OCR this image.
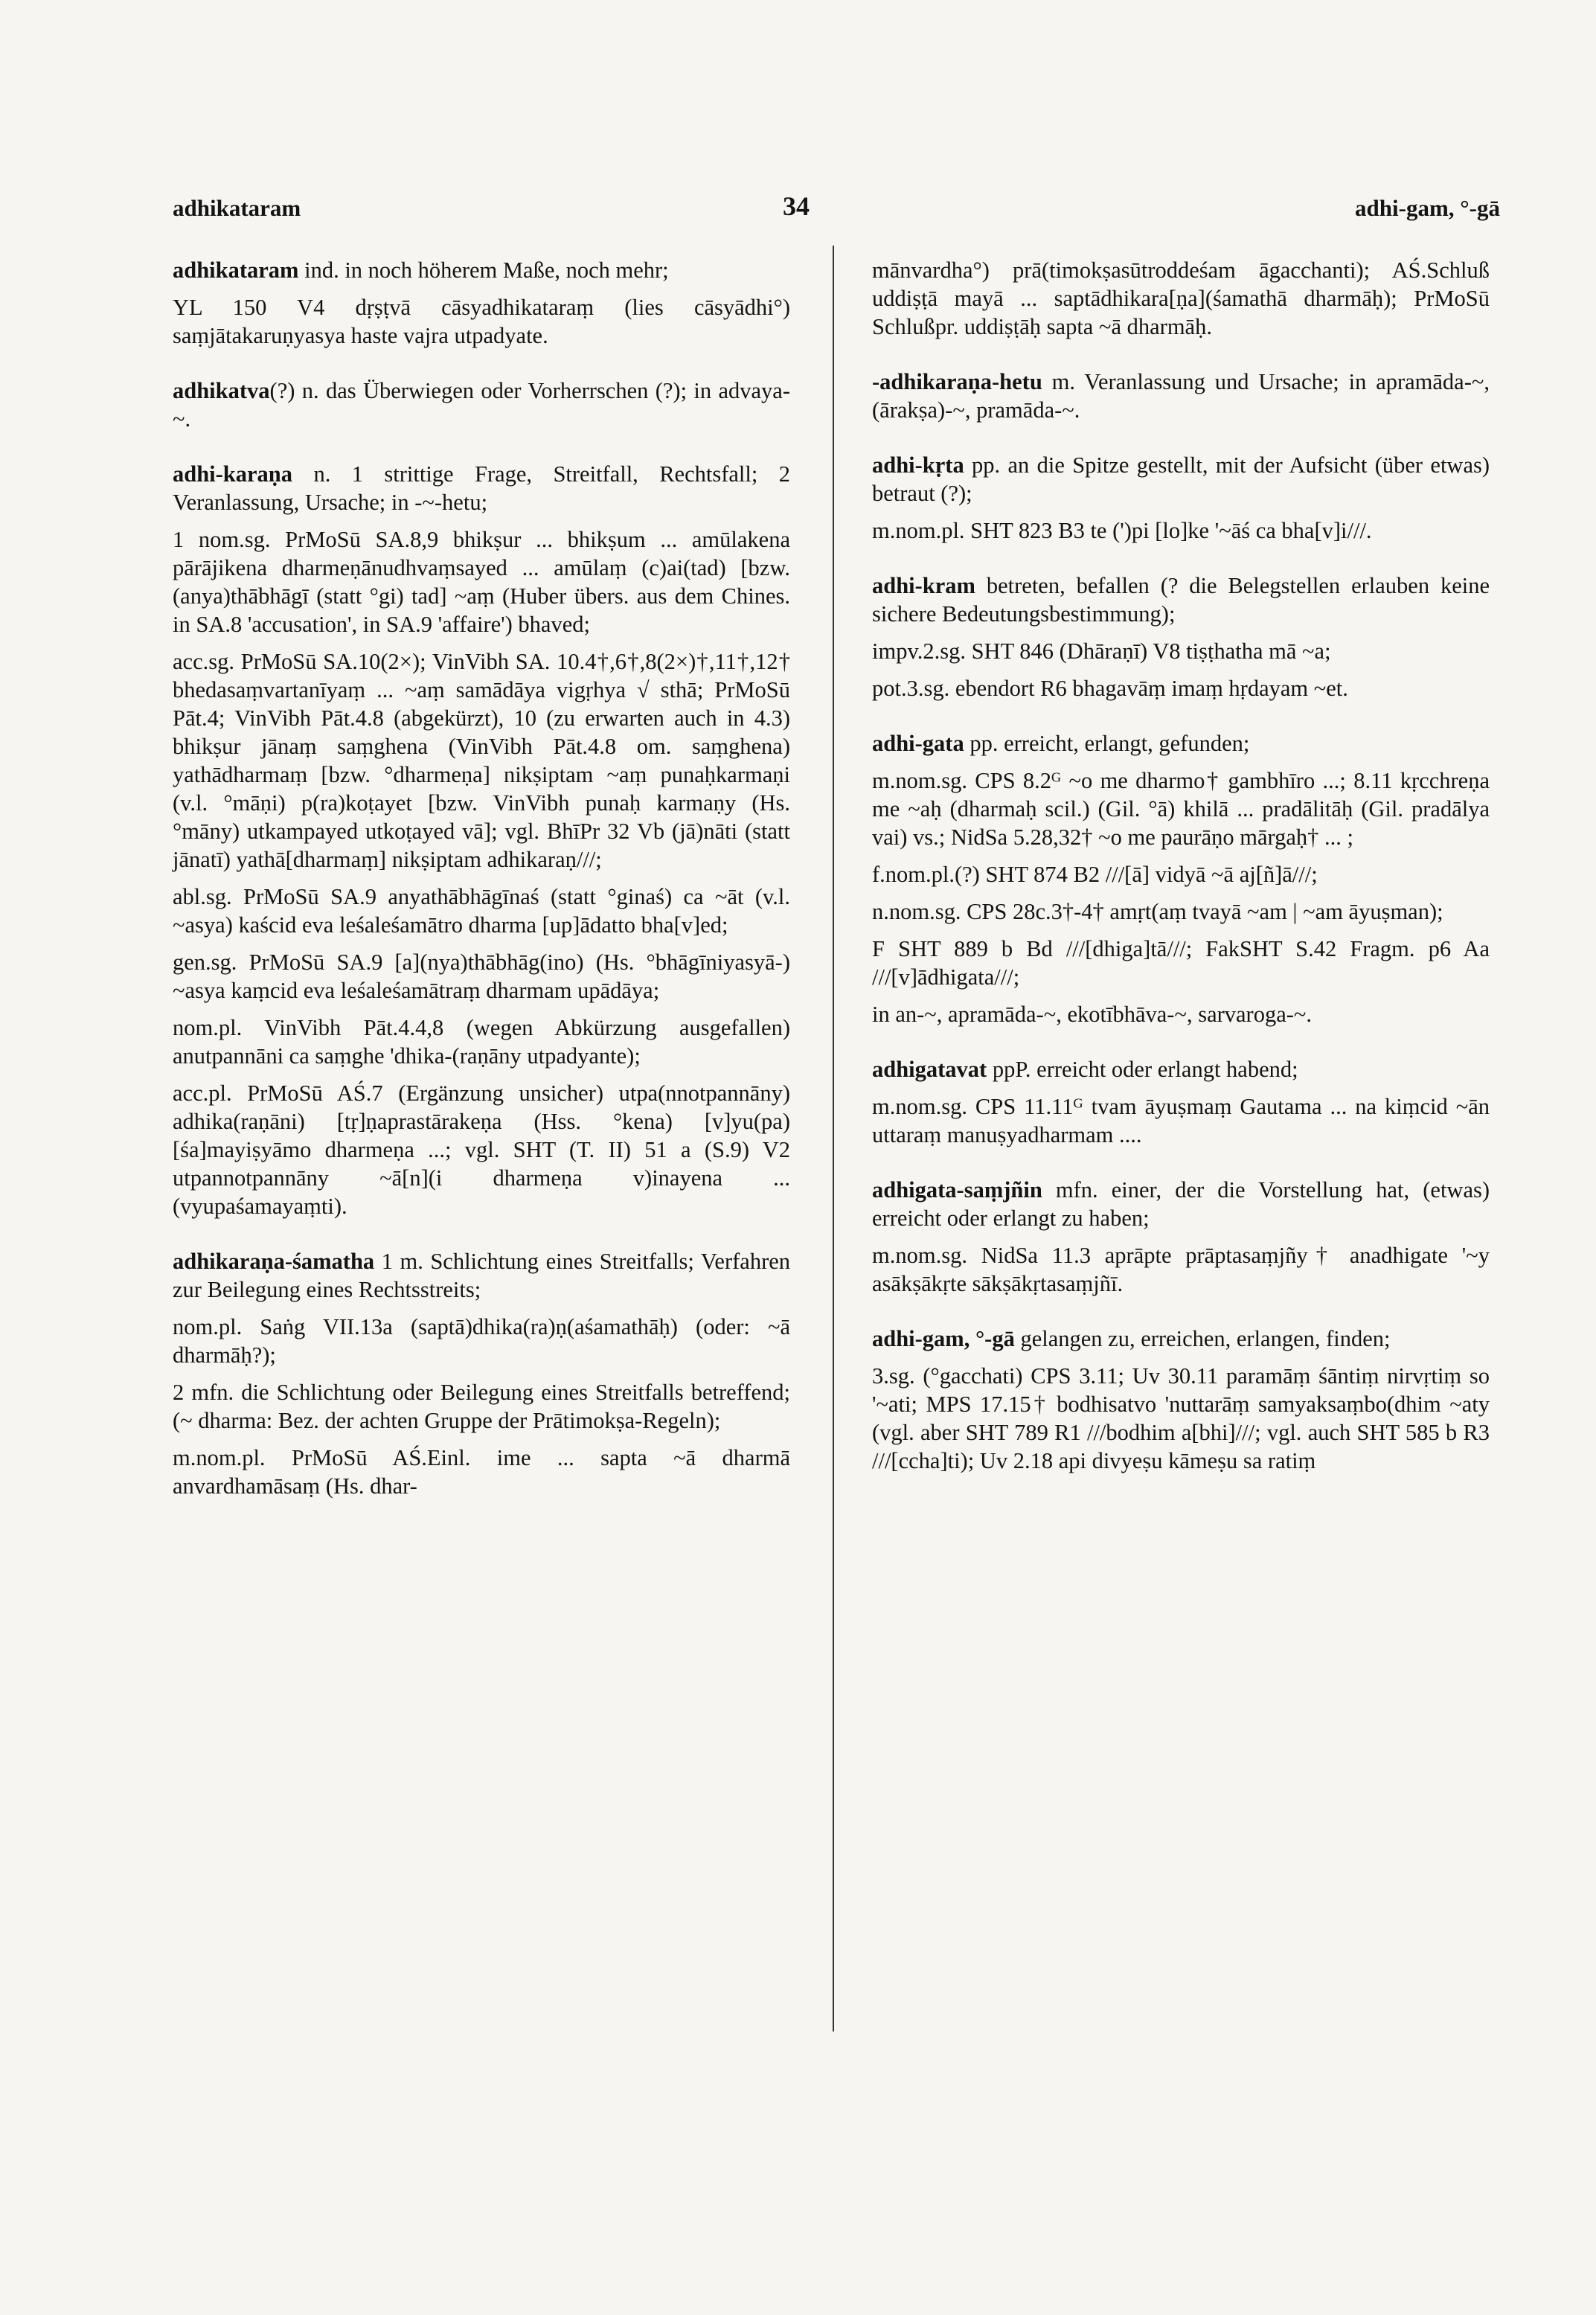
adhikataram	34	adhi-gam, °-gā
adhikataram ind. in noch höherem Maße, noch mehr;
YL 150 V4 dṛṣṭvā cāsyadhikataraṃ (lies cāsyādhi°) saṃjātakaruṇyasya haste vajra utpadyate.
adhikatva(?) n. das Überwiegen oder Vorherrschen (?); in advaya-~.
adhi-karaṇa n. 1 strittige Frage, Streitfall, Rechtsfall; 2 Veranlassung, Ursache; in -~-hetu;
1 nom.sg. PrMoSū SA.8,9 bhikṣur ... bhikṣum ... amūlakena pārājikena dharmeṇānudhvaṃsayed ... amūlaṃ (c)ai(tad) [bzw. (anya)thābhāgī (statt °gi) tad] ~aṃ (Huber übers. aus dem Chines. in SA.8 'accusation', in SA.9 'affaire') bhaved;
acc.sg. PrMoSū SA.10(2×); VinVibh SA. 10.4†,6†,8(2×)†,11†,12† bhedasaṃvartanīyaṃ ... ~aṃ samādāya vigṛhya √ sthā; PrMoSū Pāt.4; VinVibh Pāt.4.8 (abgekürzt), 10 (zu erwarten auch in 4.3) bhikṣur jānaṃ saṃghena (VinVibh Pāt.4.8 om. saṃghena) yathādharmaṃ [bzw. °dharmeṇa] nikṣiptam ~aṃ punaḥkarmaṇi (v.l. °māṇi) p(ra)koṭayet [bzw. VinVibh punaḥ karmaṇy (Hs. °māny) utkampayed utkoṭayed vā]; vgl. BhīPr 32 Vb (jā)nāti (statt jānatī) yathā[dharmaṃ] nikṣiptam adhikaraṇ///;
abl.sg. PrMoSū SA.9 anyathābhāgīnaś (statt °ginaś) ca ~āt (v.l. ~asya) kaścid eva leśaleśamātro dharma [up]ādatto bha[v]ed;
gen.sg. PrMoSū SA.9 [a](nya)thābhāg(ino) (Hs. °bhāgīniyasyā-) ~asya kaṃcid eva leśaleśamātraṃ dharmam upādāya;
nom.pl. VinVibh Pāt.4.4,8 (wegen Abkürzung ausgefallen) anutpannāni ca saṃghe 'dhika-(raṇāny utpadyante);
acc.pl. PrMoSū AŚ.7 (Ergänzung unsicher) utpa(nnotpannāny) adhika(raṇāni) [tṛ]ṇaprastārakeṇa (Hss. °kena) [v]yu(pa)[śa]mayiṣyāmo dharmeṇa ...; vgl. SHT (T. II) 51 a (S.9) V2 utpannotpannāny ~ā[n](i dharmeṇa v)inayena ... (vyupaśamayaṃti).
adhikaraṇa-śamatha 1 m. Schlichtung eines Streitfalls; Verfahren zur Beilegung eines Rechtsstreits;
nom.pl. Saṅg VII.13a (saptā)dhika(ra)ṇ(aśamathāḥ) (oder: ~ā dharmāḥ?);
2 mfn. die Schlichtung oder Beilegung eines Streitfalls betreffend; (~ dharma: Bez. der achten Gruppe der Prātimokṣa-Regeln);
m.nom.pl. PrMoSū AŚ.Einl. ime ... sapta ~ā dharmā anvardhamāsaṃ (Hs. dhar-
mānvardha°) prā(timokṣasūtroddeśam āgacchanti); AŚ.Schluß uddiṣṭā mayā ... saptādhikara[ṇa](śamathā dharmāḥ); PrMoSū Schlußpr. uddiṣṭāḥ sapta ~ā dharmāḥ.
-adhikaraṇa-hetu m. Veranlassung und Ursache; in apramāda-~, (ārakṣa)-~, pramāda-~.
adhi-kṛta pp. an die Spitze gestellt, mit der Aufsicht (über etwas) betraut (?);
m.nom.pl. SHT 823 B3 te (')pi [lo]ke '~āś ca bha[v]i///.
adhi-kram betreten, befallen (? die Belegstellen erlauben keine sichere Bedeutungsbestimmung);
impv.2.sg. SHT 846 (Dhāraṇī) V8 tiṣṭhatha mā ~a;
pot.3.sg. ebendort R6 bhagavāṃ imaṃ hṛdayam ~et.
adhi-gata pp. erreicht, erlangt, gefunden;
m.nom.sg. CPS 8.2ᴳ ~o me dharmo† gambhīro ...; 8.11 kṛcchreṇa me ~aḥ (dharmaḥ scil.) (Gil. °ā) khilā ... pradālitāḥ (Gil. pradālya vai) vs.; NidSa 5.28,32† ~o me paurāṇo mārgaḥ† ... ;
f.nom.pl.(?) SHT 874 B2 ///[ā] vidyā ~ā aj[ñ]ā///;
n.nom.sg. CPS 28c.3†-4† amṛt(aṃ tvayā ~am | ~am āyuṣman);
F SHT 889 b Bd ///[dhiga]tā///; FakSHT S.42 Fragm. p6 Aa ///[v]ādhigata///;
in an-~, apramāda-~, ekotībhāva-~, sarvaroga-~.
adhigatavat ppP. erreicht oder erlangt habend;
m.nom.sg. CPS 11.11ᴳ tvam āyuṣmaṃ Gautama ... na kiṃcid ~ān uttaraṃ manuṣyadharmam ....
adhigata-saṃjñin mfn. einer, der die Vorstellung hat, (etwas) erreicht oder erlangt zu haben;
m.nom.sg. NidSa 11.3 aprāpte prāptasaṃjñy† anadhigate '~y asākṣākṛte sākṣākṛtasaṃjñī.
adhi-gam, °-gā gelangen zu, erreichen, erlangen, finden;
3.sg. (°gacchati) CPS 3.11; Uv 30.11 paramāṃ śāntiṃ nirvṛtiṃ so '~ati; MPS 17.15† bodhisatvo 'nuttarāṃ samyaksaṃbo(dhim ~aty (vgl. aber SHT 789 R1 ///bodhim a[bhi]///; vgl. auch SHT 585 b R3 ///[ccha]ti); Uv 2.18 api divyeṣu kāmeṣu sa ratiṃ
